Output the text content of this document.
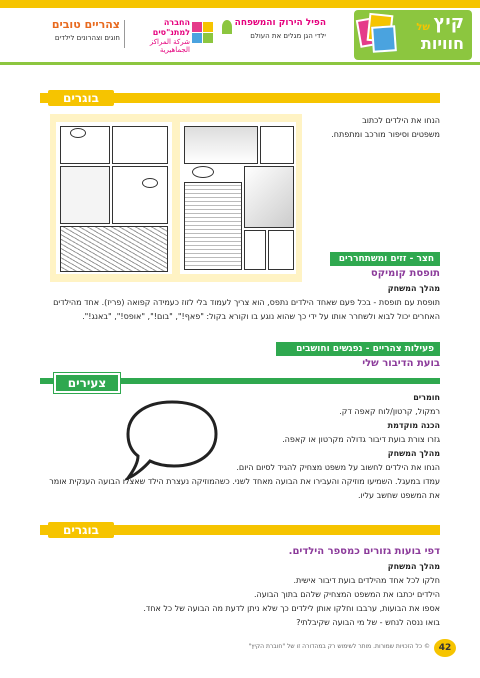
קיץ
של
חוויות
הפיל הירוק והמשפחה
ילדי הגן מגלים את העולם
החברה למתנ"סים
شركة المراكز الجماهيرية
צהריים טובים
חוגים וצהרונים לילדים
בוגרים
הנחו את הילדים לכתוב
משפטים וסיפור מורכב ומתפתח.
חצר - זזים ומשתחררים
תופסת קומיקס
מהלך המשחק
תופסת עם תופסת - בכל פעם שאחד הילדים נתפס, הוא צריך לעמוד בלי לזוז כעמידה קפואה (פריז). אחד מהילדים האחרים יכול לבוא ולשחרר אותו על ידי כך שהוא נוגע בו וקורא בקול: "פאף!", "בום!", "אופס!", "באנג!".
פעילות צהריים - נפגשים וחושבים
בועת הדיבור שלי
צעירים
חומרים
רמקול, קרטון/לוח קאפה דק.
הכנה מוקדמת
גזרו צורת בועת דיבור גדולה מקרטון או קאפה.
מהלך המשחק
הנחו את הילדים לחשוב על משפט מצחיק להגיד לסיום היום.
עמדו במעגל. השמיעו מוזיקה והעבירו את הבועה מאחד לשני. כשהמוזיקה נעצרת הילד שאצלו הבועה הענקית אומר את המשפט שחשב עליו.
בוגרים
דפי בועות גזורים כמספר הילדים.
מהלך המשחק
חלקו לכל אחד מהילדים בועת דיבור אישית.
הילדים יכתבו את המשפט המצחיק שלהם בתוך הבועה.
אספו את הבועות, ערבבו וחלקו אותן לילדים כך שלא ניתן לדעת מה הבועה של כל אחד.
בואו ננסה לנחש - של מי הבועה שקיבלתי?
42
© כל הזכויות שמורות. מותר לשימוש רק במהדורה זו של "חוברת הקיץ"
